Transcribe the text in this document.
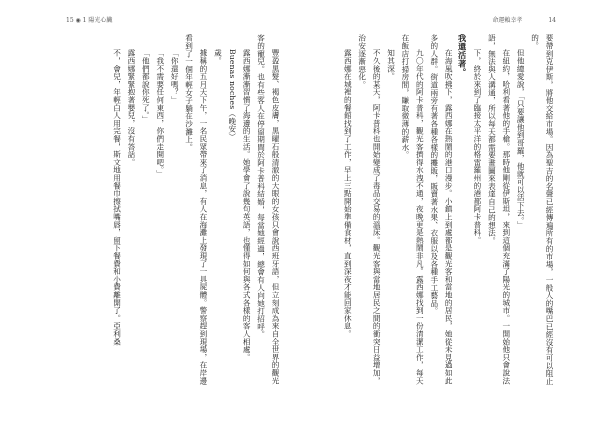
15 ◉ 1 陽光心臟	命運賴幸孝	14

要帶到克伊斯，將他交給市場。因為聖吉的名聲已經傳遍所有的市場，一般人的嘴巴已經沒有可以阻止的。

但他總愛說，「只要讓他到哥羅，他就可以活下去。」

在紐約，哈利看著他的手槍。那時他剛從伊斯坦，來到這個充滿了陽光的城市。一開始他只會說法語，無法與人溝通，所以每天都需要畫圖來表達自己的想法。

下，終於來到了臨接太平洋的格雷羅州的港都阿卡普科。

我還活著。

在海風吹拂下，露西娜在熱鬧的港口漫步。小鎮上到處都是觀光客和當地的居民，她從未見過如此多的人群。街道兩旁有著各種各樣的攤販，販賣著水果、衣服以及各種手工藝品。

九〇年代的阿卡普科，觀光客擠得水洩不通，夜晚更是熱鬧非凡。露西娜找到一份清潔工作，每天在飯店打掃房間，賺取微薄的薪水。

知其深。

不久後的某天，阿卡普科也開始變成了毒品交易的溫床。觀光客與當地居民之間的衝突日益增加，治安逐漸惡化。

露西娜在城裡的餐館找到了工作，早上三點開始準備食材，直到深夜才能回家休息。

豐盈黑髮、褐色皮膚，黑曜石般清澈的大眼的女孩只會說西班牙語，但立刻成為來自全世界的觀光客的寵兒。也有些客人在停留期間於阿卡普科結婚，每當她經過，總會有人向她打招呼。

露西娜漸漸習慣了海邊的生活。她學會了說幾句英語，也懂得如何與各式各樣的客人相處。

Buenas noches（晚安）

歲。

據稱的五月天下午，一名民眾帶來了消息，有人在海灘上發現了一具屍體。警察趕到現場，在岸邊看到了一個年輕女子躺在沙灘上。

「你還好嗎？」

「我不需要任何東西，你們走開吧。」

「他們都說你死了。」

露西娜緊緊抱著嬰兒，沒有答話。

不，會兒，年輕白人用完餐，斯文地用餐巾擦拭嘴唇，留下餐費和小費離開了。亞利桑
